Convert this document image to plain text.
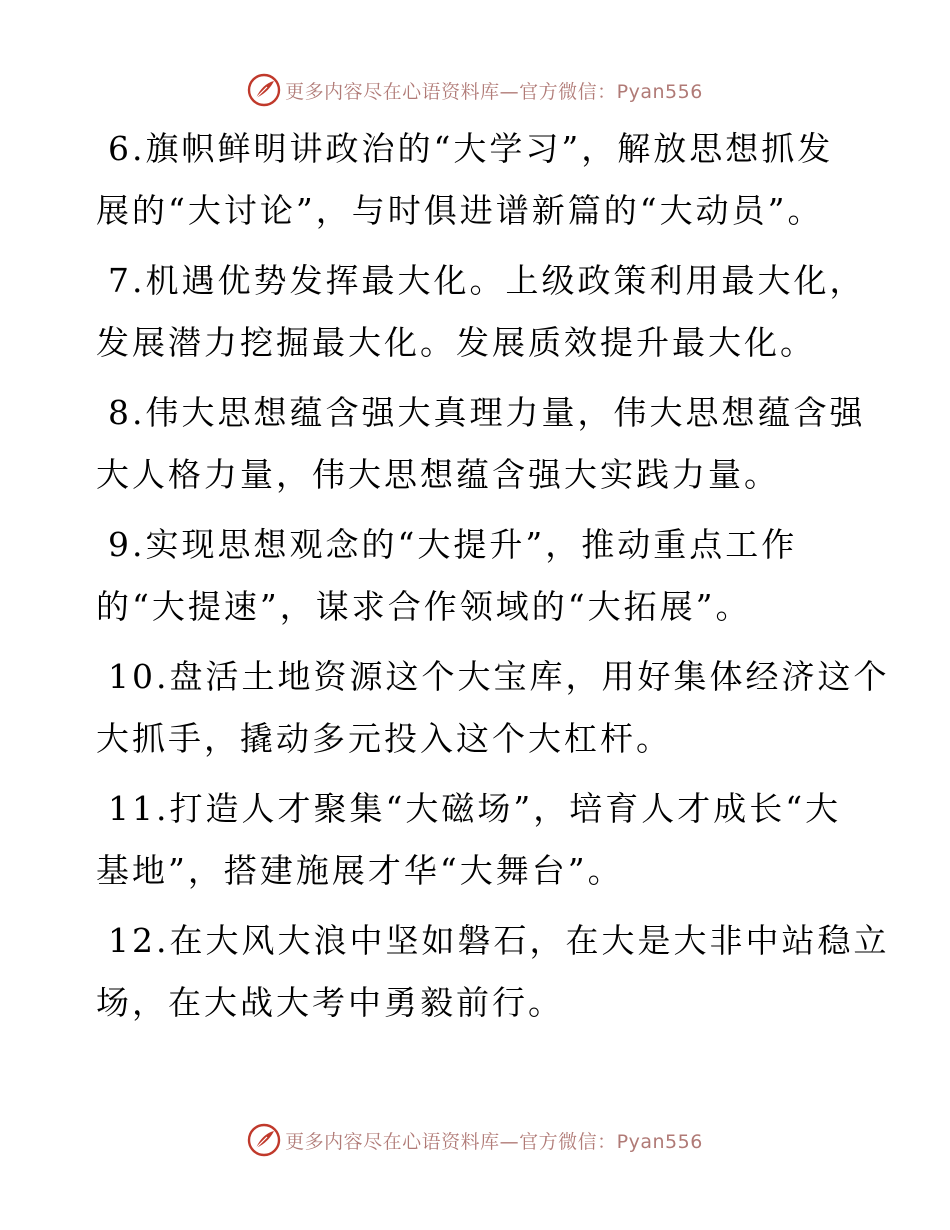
更多内容尽在心语资料库—官方微信：Pyan556

6.旗帜鲜明讲政治的“大学习”，解放思想抓发
展的“大讨论”，与时俱进谱新篇的“大动员”。

7.机遇优势发挥最大化。上级政策利用最大化，
发展潜力挖掘最大化。发展质效提升最大化。

8.伟大思想蕴含强大真理力量，伟大思想蕴含强
大人格力量，伟大思想蕴含强大实践力量。

9.实现思想观念的“大提升”，推动重点工作
的“大提速”，谋求合作领域的“大拓展”。

10.盘活土地资源这个大宝库，用好集体经济这个
大抓手，撬动多元投入这个大杠杆。

11.打造人才聚集“大磁场”，培育人才成长“大
基地”，搭建施展才华“大舞台”。

12.在大风大浪中坚如磐石，在大是大非中站稳立
场，在大战大考中勇毅前行。

更多内容尽在心语资料库—官方微信：Pyan556
